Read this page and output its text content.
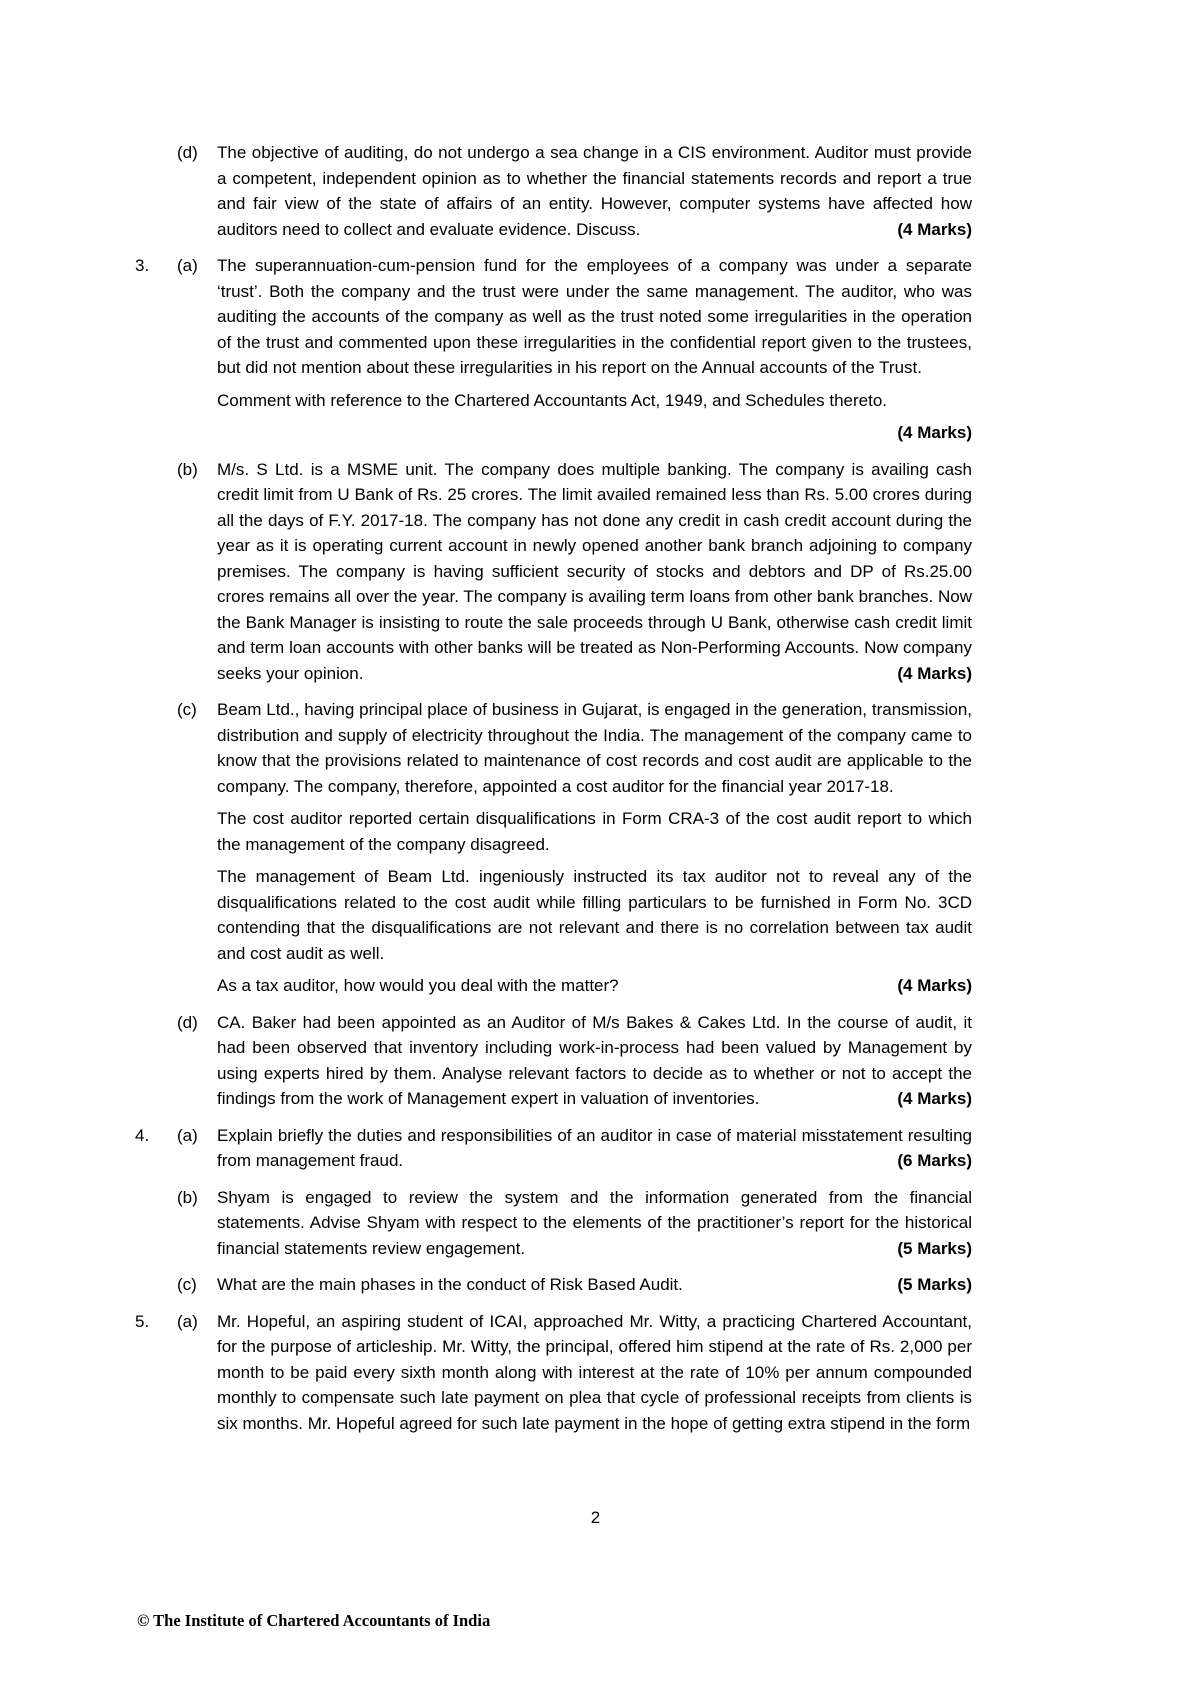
(d)	The objective of auditing, do not undergo a sea change in a CIS environment. Auditor must provide a competent, independent opinion as to whether the financial statements records and report a true and fair view of the state of affairs of an entity. However, computer systems have affected how auditors need to collect and evaluate evidence. Discuss.	(4 Marks)

3.	(a)	The superannuation-cum-pension fund for the employees of a company was under a separate ‘trust’. Both the company and the trust were under the same management. The auditor, who was auditing the accounts of the company as well as the trust noted some irregularities in the operation of the trust and commented upon these irregularities in the confidential report given to the trustees, but did not mention about these irregularities in his report on the Annual accounts of the Trust.

Comment with reference to the Chartered Accountants Act, 1949, and Schedules thereto.

(4 Marks)

(b)	M/s. S Ltd. is a MSME unit. The company does multiple banking. The company is availing cash credit limit from U Bank of Rs. 25 crores. The limit availed remained less than Rs. 5.00 crores during all the days of F.Y. 2017-18. The company has not done any credit in cash credit account during the year as it is operating current account in newly opened another bank branch adjoining to company premises. The company is having sufficient security of stocks and debtors and DP of Rs.25.00 crores remains all over the year. The company is availing term loans from other bank branches. Now the Bank Manager is insisting to route the sale proceeds through U Bank, otherwise cash credit limit and term loan accounts with other banks will be treated as Non-Performing Accounts. Now company seeks your opinion.	(4 Marks)

(c)	Beam Ltd., having principal place of business in Gujarat, is engaged in the generation, transmission, distribution and supply of electricity throughout the India. The management of the company came to know that the provisions related to maintenance of cost records and cost audit are applicable to the company. The company, therefore, appointed a cost auditor for the financial year 2017-18.

The cost auditor reported certain disqualifications in Form CRA-3 of the cost audit report to which the management of the company disagreed.

The management of Beam Ltd. ingeniously instructed its tax auditor not to reveal any of the disqualifications related to the cost audit while filling particulars to be furnished in Form No. 3CD contending that the disqualifications are not relevant and there is no correlation between tax audit and cost audit as well.

As a tax auditor, how would you deal with the matter?	(4 Marks)

(d)	CA. Baker had been appointed as an Auditor of M/s Bakes & Cakes Ltd. In the course of audit, it had been observed that inventory including work-in-process had been valued by Management by using experts hired by them. Analyse relevant factors to decide as to whether or not to accept the findings from the work of Management expert in valuation of inventories.	(4 Marks)

4.	(a)	Explain briefly the duties and responsibilities of an auditor in case of material misstatement resulting from management fraud.	(6 Marks)

(b)	Shyam is engaged to review the system and the information generated from the financial statements. Advise Shyam with respect to the elements of the practitioner’s report for the historical financial statements review engagement.	(5 Marks)

(c)	What are the main phases in the conduct of Risk Based Audit.	(5 Marks)

5.	(a)	Mr. Hopeful, an aspiring student of ICAI, approached Mr. Witty, a practicing Chartered Accountant, for the purpose of articleship. Mr. Witty, the principal, offered him stipend at the rate of Rs. 2,000 per month to be paid every sixth month along with interest at the rate of 10% per annum compounded monthly to compensate such late payment on plea that cycle of professional receipts from clients is six months. Mr. Hopeful agreed for such late payment in the hope of getting extra stipend in the form

2
© The Institute of Chartered Accountants of India
